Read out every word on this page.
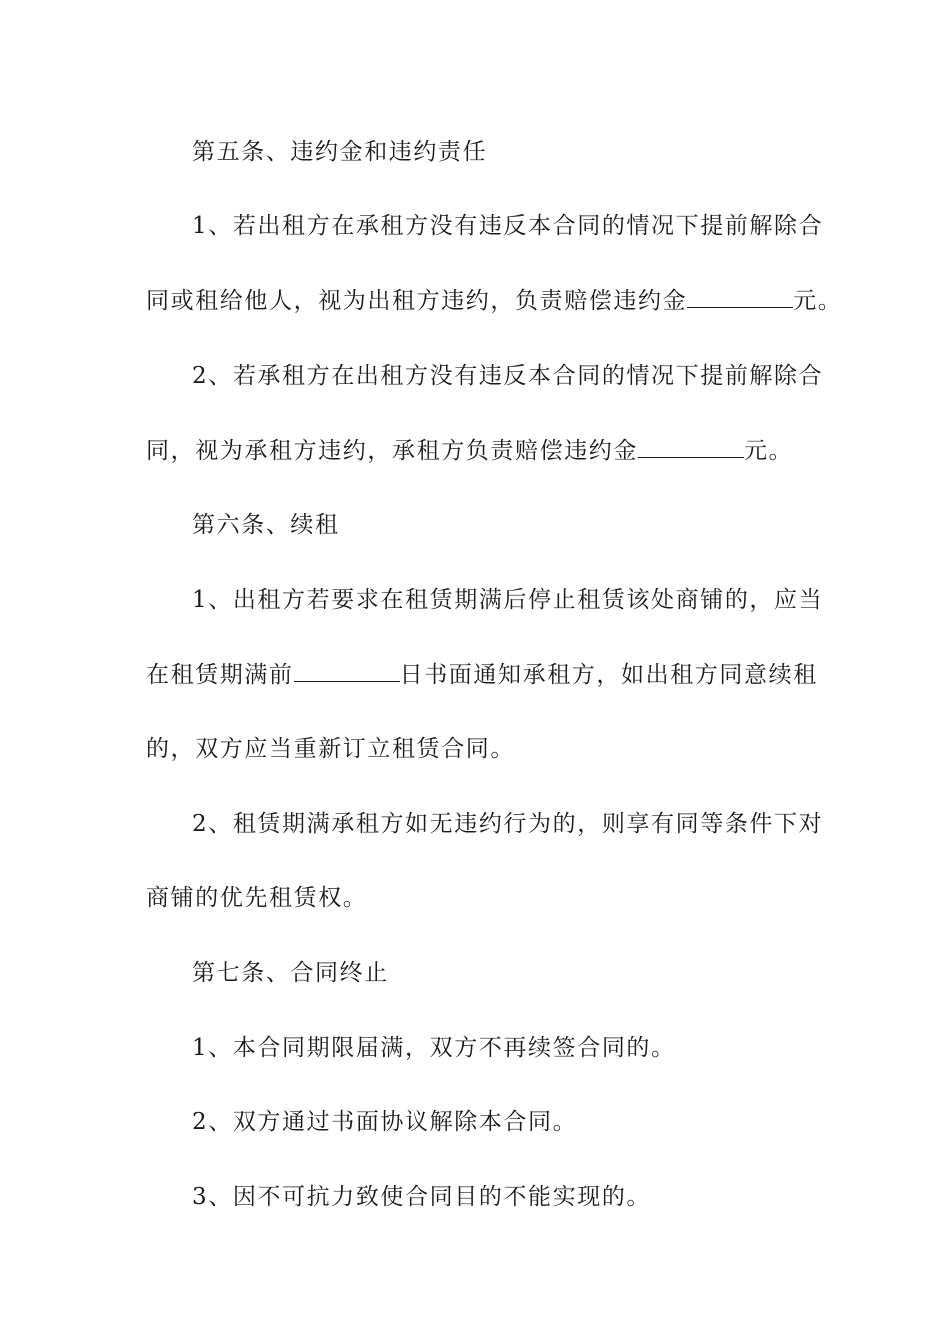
第五条、违约金和违约责任
1、若出租方在承租方没有违反本合同的情况下提前解除合
同或租给他人，视为出租方违约，负责赔偿违约金	元。
2、若承租方在出租方没有违反本合同的情况下提前解除合
同，视为承租方违约，承租方负责赔偿违约金	元。
第六条、续租
1、出租方若要求在租赁期满后停止租赁该处商铺的，应当
在租赁期满前	日书面通知承租方，如出租方同意续租
的，双方应当重新订立租赁合同。
2、租赁期满承租方如无违约行为的，则享有同等条件下对
商铺的优先租赁权。
第七条、合同终止
1、本合同期限届满，双方不再续签合同的。
2、双方通过书面协议解除本合同。
3、因不可抗力致使合同目的不能实现的。
